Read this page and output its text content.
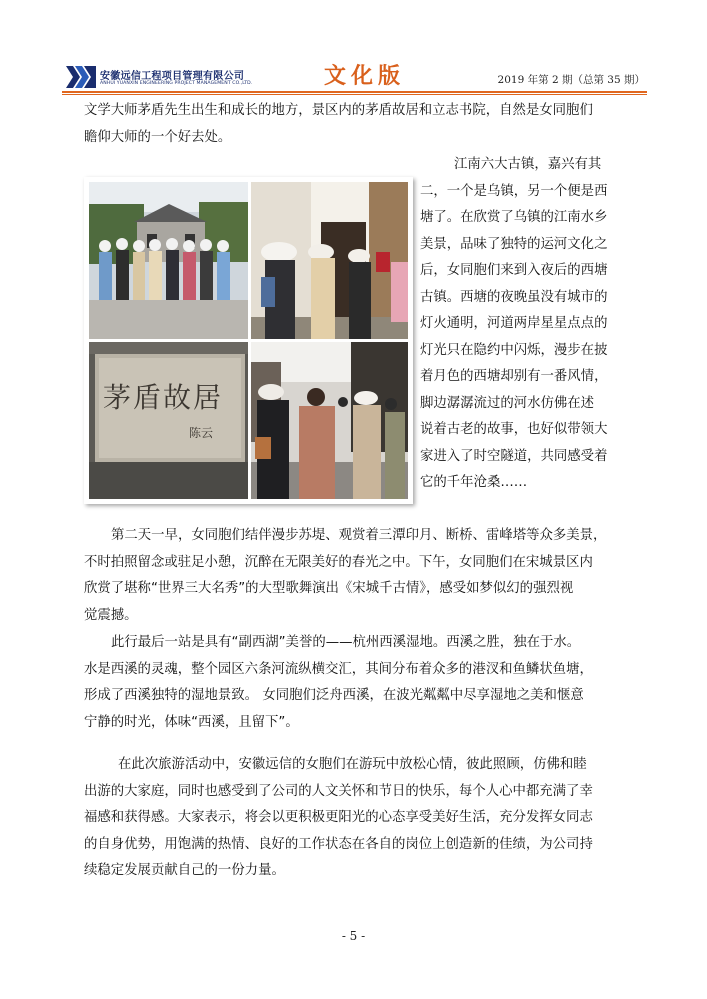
安徽远信工程项目管理有限公司
ANHUI YUANXIN ENGINEERING PROJECT MANAGEMENT CO.,LTD.	文化版	2019 年第 2 期（总第 35 期）
文学大师茅盾先生出生和成长的地方，景区内的茅盾故居和立志书院，自然是女同胞们
瞻仰大师的一个好去处。
茅盾故居
陈云
江南六大古镇，嘉兴有其
二，一个是乌镇，另一个便是西
塘了。在欣赏了乌镇的江南水乡
美景，品味了独特的运河文化之
后，女同胞们来到入夜后的西塘
古镇。西塘的夜晚虽没有城市的
灯火通明，河道两岸星星点点的
灯光只在隐约中闪烁，漫步在披
着月色的西塘却别有一番风情，
脚边潺潺流过的河水仿佛在述
说着古老的故事，也好似带领大
家进入了时空隧道，共同感受着
它的千年沧桑……
第二天一早，女同胞们结伴漫步苏堤、观赏着三潭印月、断桥、雷峰塔等众多美景，
不时拍照留念或驻足小憩，沉醉在无限美好的春光之中。下午，女同胞们在宋城景区内
欣赏了堪称“世界三大名秀”的大型歌舞演出《宋城千古情》，感受如梦似幻的强烈视
觉震撼。
此行最后一站是具有“副西湖”美誉的——杭州西溪湿地。西溪之胜，独在于水。
水是西溪的灵魂，整个园区六条河流纵横交汇，其间分布着众多的港汊和鱼鳞状鱼塘，
形成了西溪独特的湿地景致。 女同胞们泛舟西溪，在波光粼粼中尽享湿地之美和惬意
宁静的时光，体味“西溪，且留下”。
在此次旅游活动中，安徽远信的女胞们在游玩中放松心情，彼此照顾，仿佛和睦
出游的大家庭，同时也感受到了公司的人文关怀和节日的快乐，每个人心中都充满了幸
福感和获得感。大家表示，将会以更积极更阳光的心态享受美好生活，充分发挥女同志
的自身优势，用饱满的热情、良好的工作状态在各自的岗位上创造新的佳绩，为公司持
续稳定发展贡献自己的一份力量。
- 5 -
